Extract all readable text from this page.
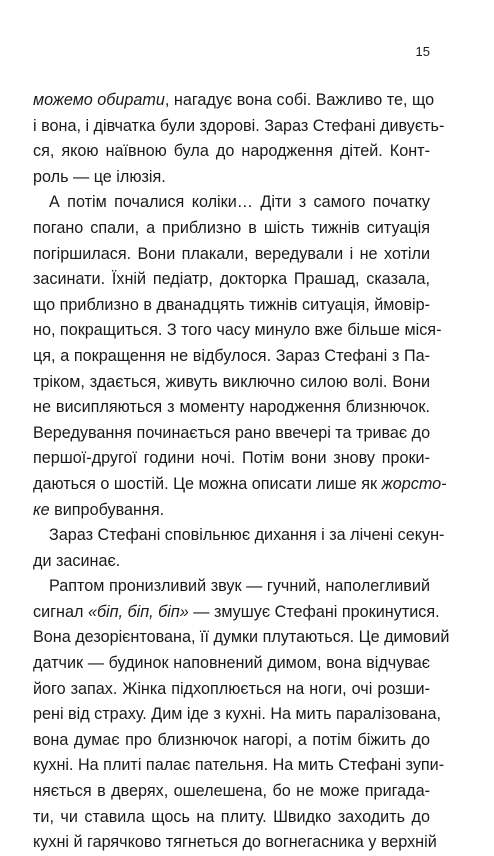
15
можемо обирати, нагадує вона собі. Важливо те, що
і вона, і дівчатка були здорові. Зараз Стефані дивуєть-
ся, якою наївною була до народження дітей. Конт-
роль — це ілюзія.
А потім почалися коліки… Діти з самого початку
погано спали, а приблизно в шість тижнів ситуація
погіршилася. Вони плакали, вередували і не хотіли
засинати. Їхній педіатр, докторка Прашад, сказала,
що приблизно в дванадцять тижнів ситуація, ймовір-
но, покращиться. З того часу минуло вже більше міся-
ця, а покращення не відбулося. Зараз Стефані з Па-
тріком, здається, живуть виключно силою волі. Вони
не висипляються з моменту народження близнючок.
Вередування починається рано ввечері та триває до
першої-другої години ночі. Потім вони знову проки-
даються о шостій. Це можна описати лише як жорсто-
ке випробування.
Зараз Стефані сповільнює дихання і за лічені секун-
ди засинає.
Раптом пронизливий звук — гучний, наполегливий
сигнал «біп, біп, біп» — змушує Стефані прокинутися.
Вона дезорієнтована, її думки плутаються. Це димовий
датчик — будинок наповнений димом, вона відчуває
його запах. Жінка підхоплюється на ноги, очі розши-
рені від страху. Дим іде з кухні. На мить паралізована,
вона думає про близнючок нагорі, а потім біжить до
кухні. На плиті палає пательня. На мить Стефані зупи-
няється в дверях, ошелешена, бо не може пригада-
ти, чи ставила щось на плиту. Швидко заходить до
кухні й гарячково тягнеться до вогнегасника у верхній
